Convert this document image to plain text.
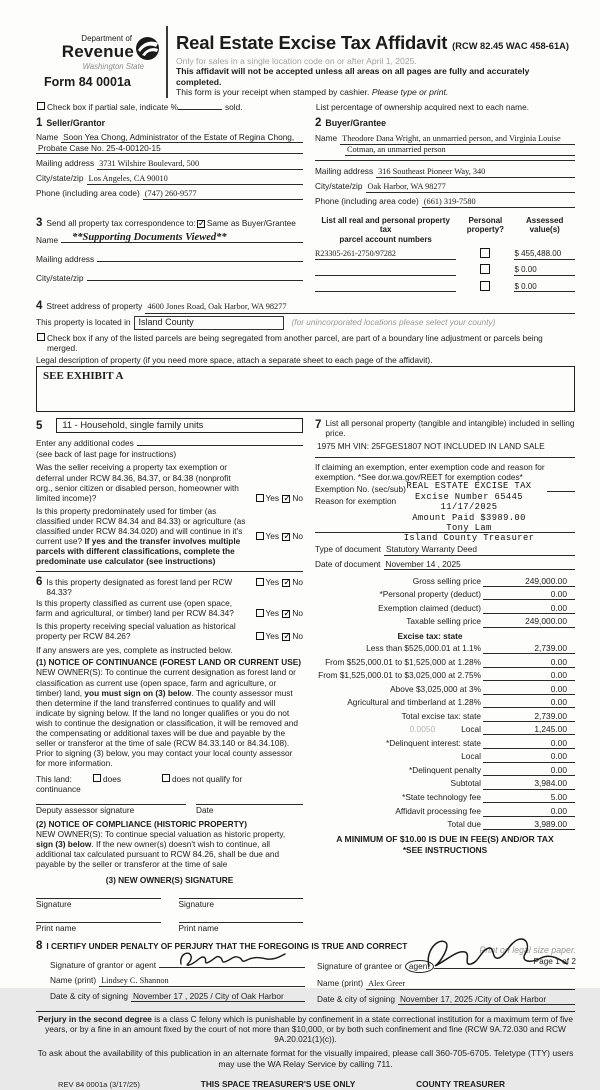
Department of
Revenue
Washington State
Form 84 0001a
Real Estate Excise Tax Affidavit (RCW 82.45 WAC 458-61A)
Only for sales in a single location code on or after April 1, 2025.
This affidavit will not be accepted unless all areas on all pages are fully and accurately completed.
This form is your receipt when stamped by cashier. Please type or print.
Check box if partial sale, indicate %	sold.	List percentage of ownership acquired next to each name.
1 Seller/Grantor
Name Soon Yea Chong, Administrator of the Estate of Regina Chong,
Probate Case No. 25-4-00120-15
Mailing address 3731 Wilshire Boulevard, 500
City/state/zip Los Angeles, CA 90010
Phone (including area code) (747) 260-9577
2 Buyer/Grantee
Name Theodore Dana Wright, an unmarried person, and Virginia Louise
Cotman, an unmarried person
Mailing address 316 Southeast Pioneer Way, 340
City/state/zip Oak Harbor, WA 98277
Phone (including area code) (661) 319-7580
3 Send all property tax correspondence to: ✓ Same as Buyer/Grantee
Name **Supporting Documents Viewed**
Mailing address
City/state/zip
List all real and personal property tax
parcel account numbers
Personal
property?
Assessed
value(s)
R23305-261-2750/97282	$ 455,488.00
$ 0.00
$ 0.00
4 Street address of property 4600 Jones Road, Oak Harbor, WA 98277
This property is located in Island County	(for unincorporated locations please select your county)
Check box if any of the listed parcels are being segregated from another parcel, are part of a boundary line adjustment or parcels being merged.
Legal description of property (if you need more space, attach a separate sheet to each page of the affidavit).
SEE EXHIBIT A
5	11 - Household, single family units
Enter any additional codes
(see back of last page for instructions)
Was the seller receiving a property tax exemption or deferral under RCW 84.36, 84.37, or 84.38 (nonprofit org., senior citizen or disabled person, homeowner with limited income)?	Yes ✓No
Is this property predominately used for timber (as classified under RCW 84.34 and 84.33) or agriculture (as classified under RCW 84.34.020) and will continue in it's current use? If yes and the transfer involves multiple parcels with different classifications, complete the predominate use calculator (see instructions)
Yes ✓No
6 Is this property designated as forest land per RCW 84.33?
Yes ✓No
Is this property classified as current use (open space, farm and agricultural, or timber) land per RCW 84.34?	Yes ✓No
Is this property receiving special valuation as historical property per RCW 84.26?	Yes ✓No
If any answers are yes, complete as instructed below.
(1) NOTICE OF CONTINUANCE (FOREST LAND OR CURRENT USE)
NEW OWNER(S): To continue the current designation as forest land or classification as current use (open space, farm and agriculture, or timber) land, you must sign on (3) below. The county assessor must then determine if the land transferred continues to qualify and will indicate by signing below. If the land no longer qualifies or you do not wish to continue the designation or classification, it will be removed and the compensating or additional taxes will be due and payable by the seller or transferor at the time of sale (RCW 84.33.140 or 84.34.108). Prior to signing (3) below, you may contact your local county assessor for more information.
This land:	does	does not qualify for
continuance
Deputy assessor signature	Date
(2) NOTICE OF COMPLIANCE (HISTORIC PROPERTY)
NEW OWNER(S): To continue special valuation as historic property, sign (3) below. If the new owner(s) doesn't wish to continue, all additional tax calculated pursuant to RCW 84.26, shall be due and payable by the seller or transferor at the time of sale
(3) NEW OWNER(S) SIGNATURE
Signature	Signature
Print name	Print name
7 List all personal property (tangible and intangible) included in selling price.
1975 MH VIN: 25FGES1807 NOT INCLUDED IN LAND SALE
If claiming an exemption, enter exemption code and reason for exemption. *See dor.wa.gov/REET for exemption codes*
Exemption No. (sec/sub)
Reason for exemption
REAL ESTATE EXCISE TAX
Excise Number 65445
11/17/2025
Amount Paid $3989.00
Tony Lam
Island County Treasurer
Type of document Statutory Warranty Deed
Date of document November 14 , 2025
Gross selling price	249,000.00
*Personal property (deduct)	0.00
Exemption claimed (deduct)	0.00
Taxable selling price	249,000.00
Excise tax: state
Less than $525,000.01 at 1.1%	2,739.00
From $525,000.01 to $1,525,000 at 1.28%	0.00
From $1,525,000.01 to $3,025,000 at 2.75%	0.00
Above $3,025,000 at 3%	0.00
Agricultural and timberland at 1.28%	0.00
Total excise tax: state	2,739.00
0.0050	Local	1,245.00
*Delinquent interest: state	0.00
Local	0.00
*Delinquent penalty	0.00
Subtotal	3,984.00
*State technology fee	5.00
Affidavit processing fee	0.00
Total due	3,989.00
A MINIMUM OF $10.00 IS DUE IN FEE(S) AND/OR TAX
*SEE INSTRUCTIONS
8 I CERTIFY UNDER PENALTY OF PERJURY THAT THE FOREGOING IS TRUE AND CORRECT
Signature of grantor or agent
Name (print) Lindsey C. Shannon
Date & city of signing November 17 , 2025 / City of Oak Harbor
Signature of grantee or agent
Name (print) Alex Greer
Date & city of signing November 17, 2025 /City of Oak Harbor
Perjury in the second degree is a class C felony which is punishable by confinement in a state correctional institution for a maximum term of five years, or by a fine in an amount fixed by the court of not more than $10,000, or by both such confinement and fine (RCW 9A.72.030 and RCW 9A.20.021(1)(c)).
To ask about the availability of this publication in an alternate format for the visually impaired, please call 360-705-6705. Teletype (TTY) users may use the WA Relay Service by calling 711.
REV 84 0001a (3/17/25)	THIS SPACE TREASURER'S USE ONLY	COUNTY TREASURER
Print on legal size paper.
Page 1 of 2
